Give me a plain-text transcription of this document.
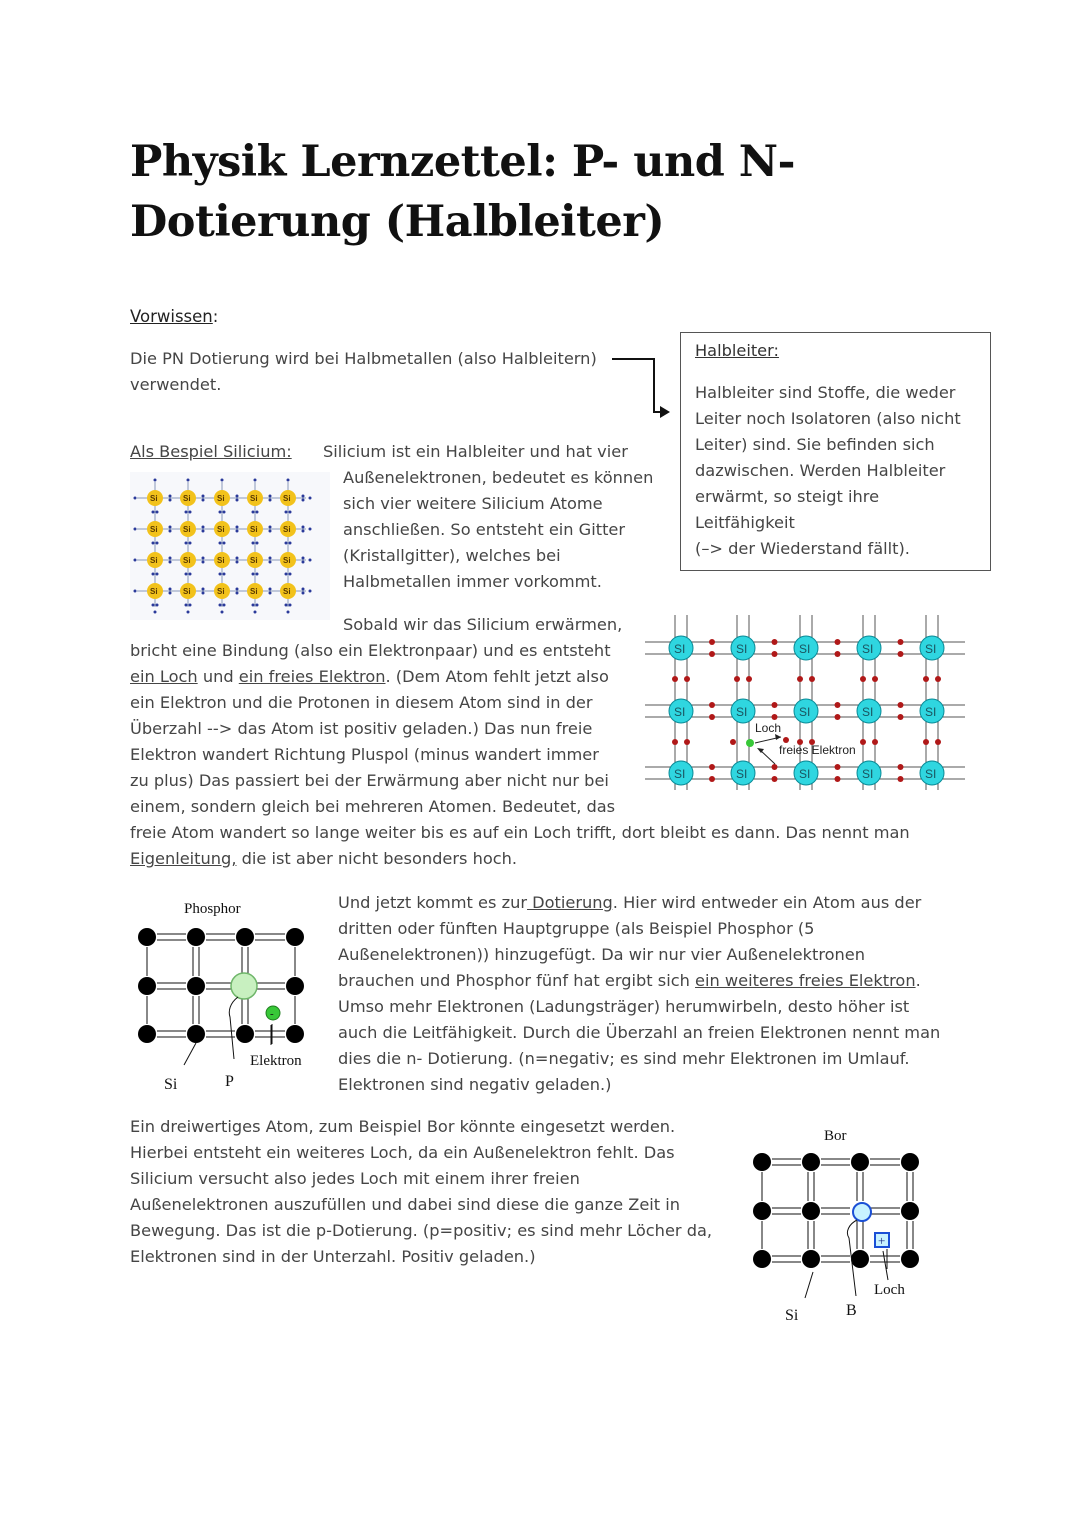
Physik Lernzettel: P- und N-Dotierung (Halbleiter)
Vorwissen:
Die PN Dotierung wird bei Halbmetallen (also Halbleitern)
verwendet.
Halbleiter:
Halbleiter sind Stoffe, die weder
Leiter noch Isolatoren (also nicht
Leiter) sind. Sie befinden sich
dazwischen. Werden Halbleiter
erwärmt, so steigt ihre
Leitfähigkeit
(–> der Wiederstand fällt).
Als Bespiel Silicium: Silicium ist ein Halbleiter und hat vier
Außenelektronen, bedeutet es können
sich vier weitere Silicium Atome
anschließen. So entsteht ein Gitter
(Kristallgitter), welches bei
Halbmetallen immer vorkommt.
Si
Si
Si
Si
Si
Si
Si
Si
Si
Si
Si
Si
Si
Si
Si
Si
Si
Si
Si
Si
Sobald wir das Silicium erwärmen,
bricht eine Bindung (also ein Elektronpaar) und es entsteht
ein Loch und ein freies Elektron. (Dem Atom fehlt jetzt also
ein Elektron und die Protonen in diesem Atom sind in der
Überzahl --> das Atom ist positiv geladen.) Das nun freie
Elektron wandert Richtung Pluspol (minus wandert immer
zu plus) Das passiert bei der Erwärmung aber nicht nur bei
einem, sondern gleich bei mehreren Atomen. Bedeutet, das
freie Atom wandert so lange weiter bis es auf ein Loch trifft, dort bleibt es dann. Das nennt man
Eigenleitung, die ist aber nicht besonders hoch.
SI
SI
SI
SI
SI
SI
SI
SI
SI
SI
SI
SI
SI
SI
SI
Loch
freies Elektron
Phosphor
-
Si	P
Elektron
Und jetzt kommt es zur Dotierung. Hier wird entweder ein Atom aus der
dritten oder fünften Hauptgruppe (als Beispiel Phosphor (5
Außenelektronen)) hinzugefügt. Da wir nur vier Außenelektronen
brauchen und Phosphor fünf hat ergibt sich ein weiteres freies Elektron.
Umso mehr Elektronen (Ladungsträger) herumwirbeln, desto höher ist
auch die Leitfähigkeit. Durch die Überzahl an freien Elektronen nennt man
dies die n- Dotierung. (n=negativ; es sind mehr Elektronen im Umlauf.
Elektronen sind negativ geladen.)
Ein dreiwertiges Atom, zum Beispiel Bor könnte eingesetzt werden.
Hierbei entsteht ein weiteres Loch, da ein Außenelektron fehlt. Das
Silicium versucht also jedes Loch mit einem ihrer freien
Außenelektronen auszufüllen und dabei sind diese die ganze Zeit in
Bewegung. Das ist die p-Dotierung. (p=positiv; es sind mehr Löcher da,
Elektronen sind in der Unterzahl. Positiv geladen.)
Bor
+
Si	B
Loch
